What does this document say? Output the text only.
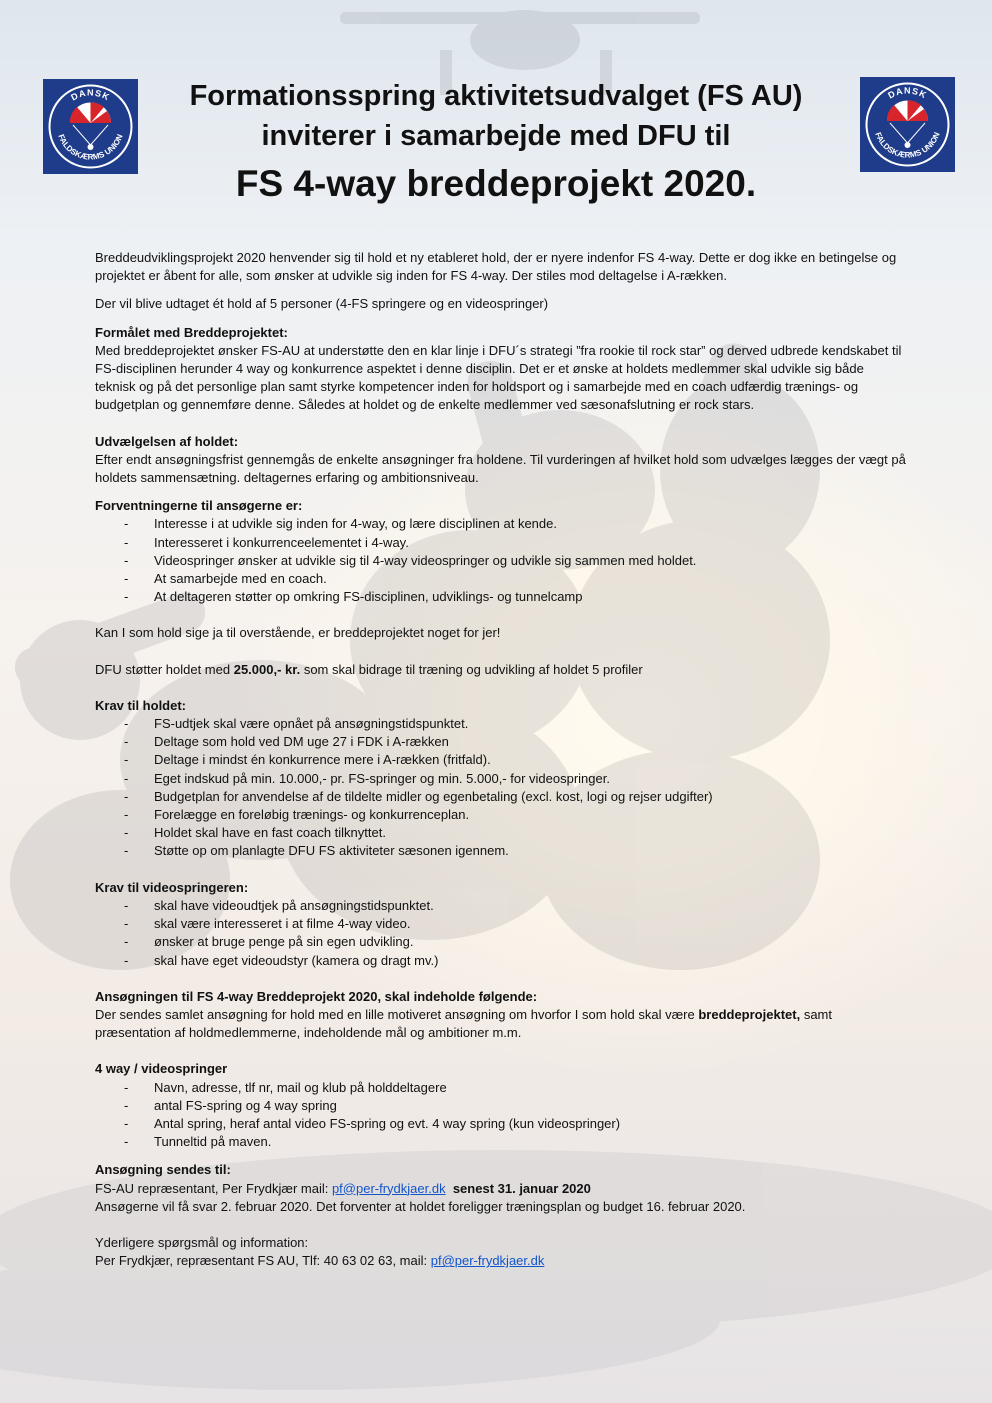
DANSK
FALDSKÆRMS UNION
DANSK
FALDSKÆRMS UNION
Formationsspring aktivitetsudvalget (FS AU)
inviterer i samarbejde med DFU til
FS 4-way breddeprojekt 2020.

Breddeudviklingsprojekt 2020 henvender sig til hold et ny etableret hold, der er nyere indenfor FS 4-way. Dette er dog ikke en betingelse og projektet er åbent for alle, som ønsker at udvikle sig inden for FS 4-way. Der stiles mod deltagelse i A-rækken.

Der vil blive udtaget ét hold af 5 personer (4-FS springere og en videospringer)

Formålet med Breddeprojektet:

Med breddeprojektet ønsker FS-AU at understøtte den en klar linje i DFU´s strategi ”fra rookie til rock star” og derved udbrede kendskabet til FS-disciplinen herunder 4 way og konkurrence aspektet i denne disciplin. Det er et ønske at holdets medlemmer skal udvikle sig både teknisk og på det personlige plan samt styrke kompetencer inden for holdsport og i samarbejde med en coach udfærdig trænings- og budgetplan og gennemføre denne. Således at holdet og de enkelte medlemmer ved sæsonafslutning er rock stars.

Udvælgelsen af holdet:

Efter endt ansøgningsfrist gennemgås de enkelte ansøgninger fra holdene. Til vurderingen af hvilket hold som udvælges lægges der vægt på holdets sammensætning. deltagernes erfaring og ambitionsniveau.

Forventningerne til ansøgerne er:

- Interesse i at udvikle sig inden for 4-way, og lære disciplinen at kende.
- Interesseret i konkurrenceelementet i 4-way.
- Videospringer ønsker at udvikle sig til 4-way videospringer og udvikle sig sammen med holdet.
- At samarbejde med en coach.
- At deltageren støtter op omkring FS-disciplinen, udviklings- og tunnelcamp

Kan I som hold sige ja til overstående, er breddeprojektet noget for jer!

DFU støtter holdet med 25.000,- kr. som skal bidrage til træning og udvikling af holdet 5 profiler

Krav til holdet:

- FS-udtjek skal være opnået på ansøgningstidspunktet.
- Deltage som hold ved DM uge 27 i FDK i A-rækken
- Deltage i mindst én konkurrence mere i A-rækken (fritfald).
- Eget indskud på min. 10.000,- pr. FS-springer og min. 5.000,- for videospringer.
- Budgetplan for anvendelse af de tildelte midler og egenbetaling (excl. kost, logi og rejser udgifter)
- Forelægge en foreløbig trænings- og konkurrenceplan.
- Holdet skal have en fast coach tilknyttet.
- Støtte op om planlagte DFU FS aktiviteter sæsonen igennem.

Krav til videospringeren:

- skal have videoudtjek på ansøgningstidspunktet.
- skal være interesseret i at filme 4-way video.
- ønsker at bruge penge på sin egen udvikling.
- skal have eget videoudstyr (kamera og dragt mv.)

Ansøgningen til FS 4-way Breddeprojekt 2020, skal indeholde følgende:

Der sendes samlet ansøgning for hold med en lille motiveret ansøgning om hvorfor I som hold skal være breddeprojektet, samt præsentation af holdmedlemmerne, indeholdende mål og ambitioner m.m.

4 way / videospringer

- Navn, adresse, tlf nr, mail og klub på holddeltagere
- antal FS-spring og 4 way spring
- Antal spring, heraf antal video FS-spring og evt. 4 way spring (kun videospringer)
- Tunneltid på maven.

Ansøgning sendes til:

FS-AU repræsentant, Per Frydkjær mail: pf@per-frydkjaer.dk senest 31. januar 2020

Ansøgerne vil få svar 2. februar 2020. Det forventer at holdet foreligger træningsplan og budget 16. februar 2020.

Yderligere spørgsmål og information:

Per Frydkjær, repræsentant FS AU, Tlf: 40 63 02 63, mail: pf@per-frydkjaer.dk
